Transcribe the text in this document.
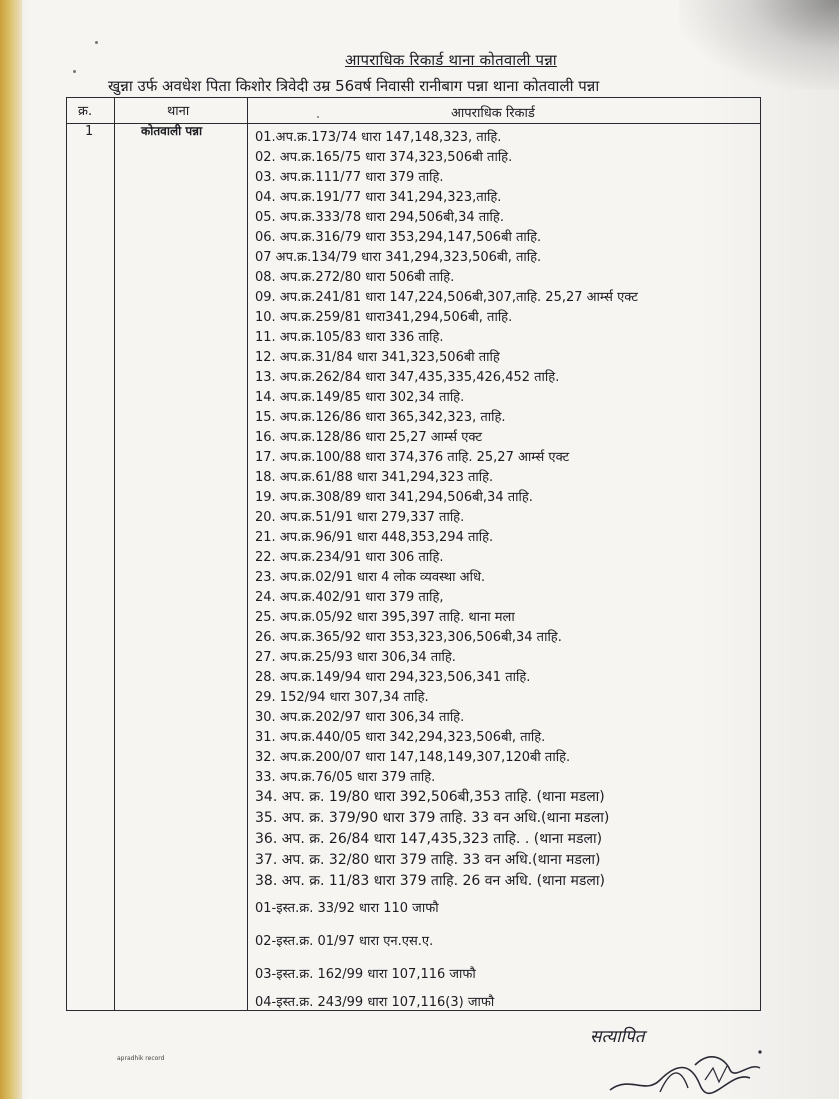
आपराधिक रिकार्ड थाना कोतवाली पन्ना
खुन्ना उर्फ अवधेश पिता किशोर त्रिवेदी उम्र 56वर्ष निवासी रानीबाग पन्ना थाना कोतवाली पन्ना
क्र.	थाना	आपराधिक रिकार्ड
1	कोतवाली पन्ना	01.अप.क्र.173/74 धारा 147,148,323, ताहि.
02. अप.क्र.165/75 धारा 374,323,506बी ताहि.
03. अप.क्र.111/77 धारा 379 ताहि.
04. अप.क्र.191/77 धारा 341,294,323,ताहि.
05. अप.क्र.333/78 धारा 294,506बी,34 ताहि.
06. अप.क्र.316/79 धारा 353,294,147,506बी ताहि.
07 अप.क्र.134/79 धारा 341,294,323,506बी, ताहि.
08. अप.क्र.272/80 धारा 506बी ताहि.
09. अप.क्र.241/81 धारा 147,224,506बी,307,ताहि. 25,27 आर्म्स एक्ट
10. अप.क्र.259/81 धारा341,294,506बी, ताहि.
11. अप.क्र.105/83 धारा 336 ताहि.
12. अप.क्र.31/84 धारा 341,323,506बी ताहि
13. अप.क्र.262/84 धारा 347,435,335,426,452 ताहि.
14. अप.क्र.149/85 धारा 302,34 ताहि.
15. अप.क्र.126/86 धारा 365,342,323, ताहि.
16. अप.क्र.128/86 धारा 25,27 आर्म्स एक्ट
17. अप.क्र.100/88 धारा 374,376 ताहि. 25,27 आर्म्स एक्ट
18. अप.क्र.61/88 धारा 341,294,323 ताहि.
19. अप.क्र.308/89 धारा 341,294,506बी,34 ताहि.
20. अप.क्र.51/91 धारा 279,337 ताहि.
21. अप.क्र.96/91 धारा 448,353,294 ताहि.
22. अप.क्र.234/91 धारा 306 ताहि.
23. अप.क्र.02/91 धारा 4 लोक व्यवस्था अधि.
24. अप.क्र.402/91 धारा 379 ताहि,
25. अप.क्र.05/92 धारा 395,397 ताहि. थाना मला
26. अप.क्र.365/92 धारा 353,323,306,506बी,34 ताहि.
27. अप.क्र.25/93 धारा 306,34 ताहि.
28. अप.क्र.149/94 धारा 294,323,506,341 ताहि.
29. 152/94 धारा 307,34 ताहि.
30. अप.क्र.202/97 धारा 306,34 ताहि.
31. अप.क्र.440/05 धारा 342,294,323,506बी, ताहि.
32. अप.क्र.200/07 धारा 147,148,149,307,120बी ताहि.
33. अप.क्र.76/05 धारा 379 ताहि.
34. अप. क्र. 19/80 धारा 392,506बी,353 ताहि. (थाना मडला)
35. अप. क्र. 379/90 धारा 379 ताहि. 33 वन अधि.(थाना मडला)
36. अप. क्र. 26/84 धारा 147,435,323 ताहि. . (थाना मडला)
37. अप. क्र. 32/80 धारा 379 ताहि. 33 वन अधि.(थाना मडला)
38. अप. क्र. 11/83 धारा 379 ताहि. 26 वन अधि. (थाना मडला)
01-इस्त.क्र. 33/92 धारा 110 जाफौ
02-इस्त.क्र. 01/97 धारा एन.एस.ए.
03-इस्त.क्र. 162/99 धारा 107,116 जाफौ
04-इस्त.क्र. 243/99 धारा 107,116(3) जाफौ
apradhik record
सत्यापित
